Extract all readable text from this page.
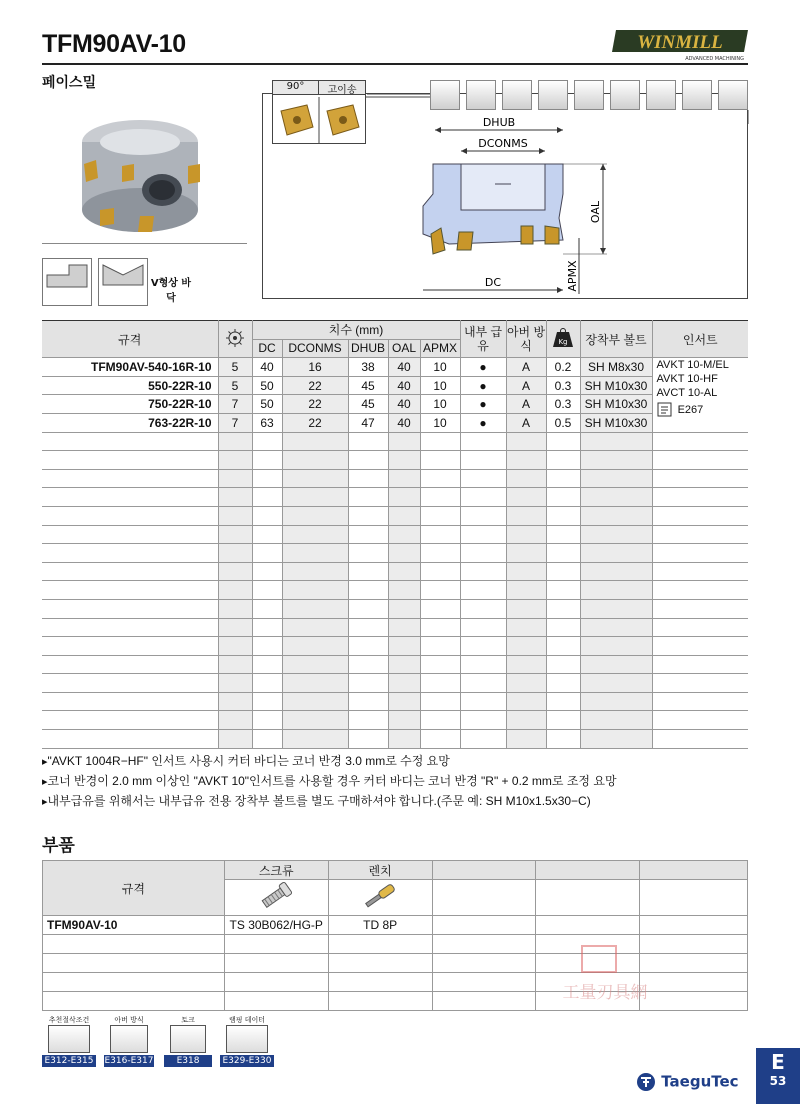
TFM90AV-10	WINMILL
ADVANCED MACHINING
페이스밀
V형상 바닥
DHUB
DCONMS
OAL
APMX
DC
90°	고이송
규격		치수 (mm)					내부 급유	아버 방식	Kg	장착부 볼트	인서트
		DC	DCONMS	DHUB	OAL	APMX					
TFM90AV-540-16R-10	5	40	16	38	40	10	●	A	0.2	SH M8x30	AVKT 10-M/EL
AVKT 10-HF
AVCT 10-AL
E267

550-22R-10	5	50	22	45	40	10	●	A	0.3	SH M10x30	
750-22R-10	7	50	22	45	40	10	●	A	0.3	SH M10x30	
763-22R-10	7	63	22	47	40	10	●	A	0.5	SH M10x30	

▸ "AVKT 1004R−HF" 인서트 사용시 커터 바디는 코너 반경 3.0 mm로 수정 요망
▸ 코너 반경이 2.0 mm 이상인 "AVKT 10"인서트를 사용할 경우 커터 바디는 코너 반경 "R" + 0.2 mm로 조정 요망
▸ 내부급유를 위해서는 내부급유 전용 장착부 볼트를 별도 구매하셔야 합니다.(주문 예: SH M10x1.5x30−C)
부품
규격	스크류	렌치			

TFM90AV-10	TS 30B062/HG-P	TD 8P			

工量刃具網
추천절삭조건
E312-E315
아버 방식
E316-E317
토크
E318
램핑 데이터
E329-E330
TaeguTec
E
53
